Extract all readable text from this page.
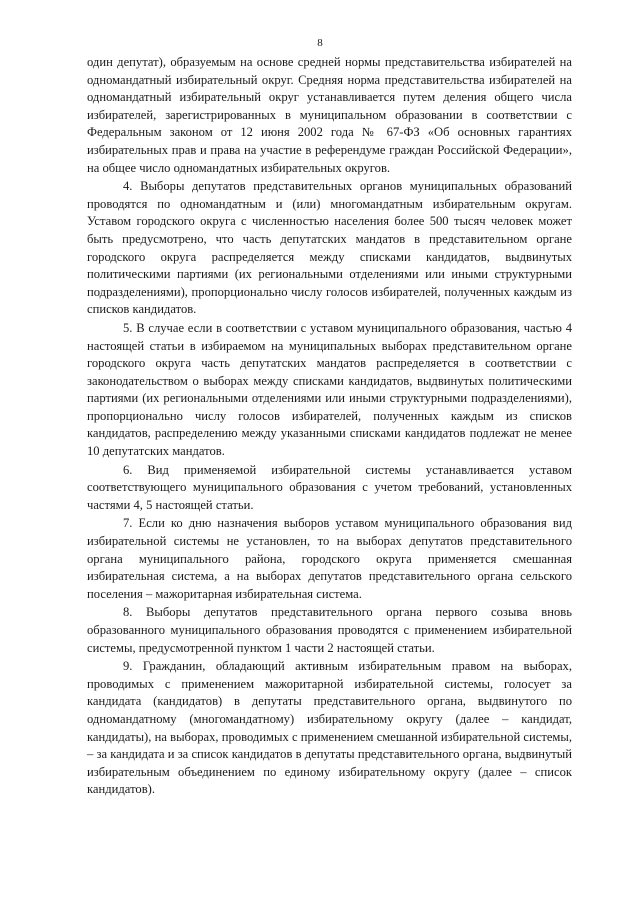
8

один депутат), образуемым на основе средней нормы представительства избирателей на одномандатный избирательный округ. Средняя норма представительства избирателей на одномандатный избирательный округ устанавливается путем деления общего числа избирателей, зарегистрированных в муниципальном образовании в соответствии с Федеральным законом от 12 июня 2002 года № 67-ФЗ «Об основных гарантиях избирательных прав и права на участие в референдуме граждан Российской Федерации», на общее число одномандатных избирательных округов.

4. Выборы депутатов представительных органов муниципальных образований проводятся по одномандатным и (или) многомандатным избирательным округам. Уставом городского округа с численностью населения более 500 тысяч человек может быть предусмотрено, что часть депутатских мандатов в представительном органе городского округа распределяется между списками кандидатов, выдвинутых политическими партиями (их региональными отделениями или иными структурными подразделениями), пропорционально числу голосов избирателей, полученных каждым из списков кандидатов.

5. В случае если в соответствии с уставом муниципального образования, частью 4 настоящей статьи в избираемом на муниципальных выборах представительном органе городского округа часть депутатских мандатов распределяется в соответствии с законодательством о выборах между списками кандидатов, выдвинутых политическими партиями (их региональными отделениями или иными структурными подразделениями), пропорционально числу голосов избирателей, полученных каждым из списков кандидатов, распределению между указанными списками кандидатов подлежат не менее 10 депутатских мандатов.

6. Вид применяемой избирательной системы устанавливается уставом соответствующего муниципального образования с учетом требований, установленных частями 4, 5 настоящей статьи.

7. Если ко дню назначения выборов уставом муниципального образования вид избирательной системы не установлен, то на выборах депутатов представительного органа муниципального района, городского округа применяется смешанная избирательная система, а на выборах депутатов представительного органа сельского поселения – мажоритарная избирательная система.

8. Выборы депутатов представительного органа первого созыва вновь образованного муниципального образования проводятся с применением избирательной системы, предусмотренной пунктом 1 части 2 настоящей статьи.

9. Гражданин, обладающий активным избирательным правом на выборах, проводимых с применением мажоритарной избирательной системы, голосует за кандидата (кандидатов) в депутаты представительного органа, выдвинутого по одномандатному (многомандатному) избирательному округу (далее – кандидат, кандидаты), на выборах, проводимых с применением смешанной избирательной системы, – за кандидата и за список кандидатов в депутаты представительного органа, выдвинутый избирательным объединением по единому избирательному округу (далее – список кандидатов).
